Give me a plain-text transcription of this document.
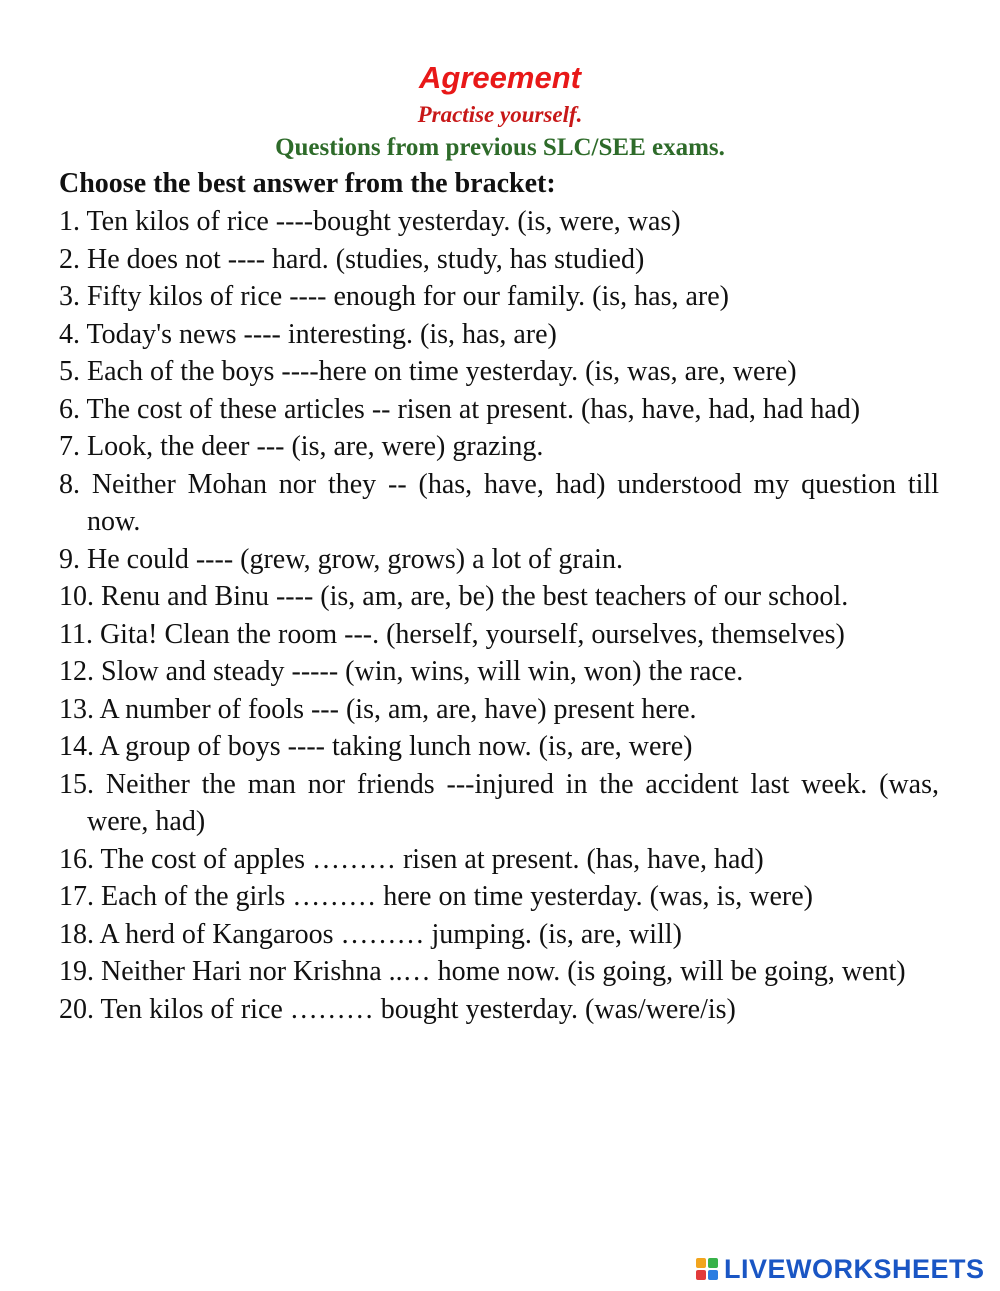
Agreement
Practise yourself.
Questions from previous SLC/SEE exams.
Choose the best answer from the bracket:
1. Ten kilos of rice ----bought yesterday. (is, were, was)
2. He does not ---- hard. (studies, study, has studied)
3. Fifty kilos of rice ---- enough for our family. (is, has, are)
4. Today's news ---- interesting. (is, has, are)
5. Each of the boys ----here on time yesterday. (is, was, are, were)
6. The cost of these articles -- risen at present. (has, have, had, had had)
7. Look, the deer --- (is, are, were) grazing.
8. Neither Mohan nor they -- (has, have, had) understood my question till now.
9. He could ---- (grew, grow, grows) a lot of grain.
10. Renu and Binu ---- (is, am, are, be) the best teachers of our school.
11. Gita! Clean the room ---. (herself, yourself, ourselves, themselves)
12. Slow and steady ----- (win, wins, will win, won) the race.
13. A number of fools --- (is, am, are, have) present here.
14. A group of boys ---- taking lunch now. (is, are, were)
15. Neither the man nor friends ---injured in the accident last week. (was, were, had)
16. The cost of apples ……… risen at present. (has, have, had)
17. Each of the girls ……… here on time yesterday. (was, is, were)
18. A herd of Kangaroos ……… jumping. (is, are, will)
19. Neither Hari nor Krishna ..… home now. (is going, will be going, went)
20. Ten kilos of rice ……… bought yesterday. (was/were/is)
LIVEWORKSHEETS
